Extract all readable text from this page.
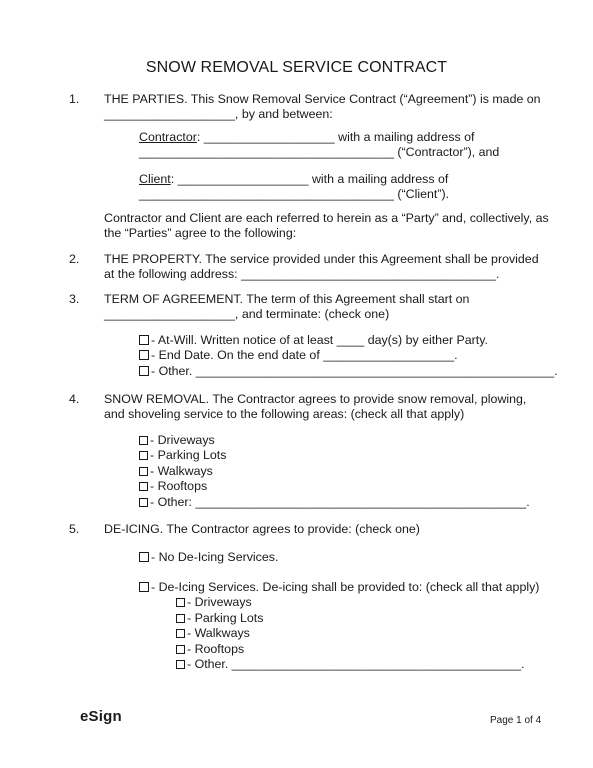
SNOW REMOVAL SERVICE CONTRACT
1. THE PARTIES. This Snow Removal Service Contract (“Agreement”) is made on
___________________, by and between:
Contractor: ___________________ with a mailing address of
_____________________________________ (“Contractor”), and
Client: ___________________ with a mailing address of
_____________________________________ (“Client”).
Contractor and Client are each referred to herein as a “Party” and, collectively, as
the “Parties” agree to the following:
2. THE PROPERTY. The service provided under this Agreement shall be provided
at the following address: _____________________________________.
3. TERM OF AGREEMENT. The term of this Agreement shall start on
___________________, and terminate: (check one)
- At-Will. Written notice of at least ____ day(s) by either Party.
- End Date. On the end date of ___________________.
- Other. ____________________________________________________.
4. SNOW REMOVAL. The Contractor agrees to provide snow removal, plowing,
and shoveling service to the following areas: (check all that apply)
- Driveways
- Parking Lots
- Walkways
- Rooftops
- Other: ________________________________________________.
5. DE-ICING. The Contractor agrees to provide: (check one)
- No De-Icing Services.
- De-Icing Services. De-icing shall be provided to: (check all that apply)
- Driveways
- Parking Lots
- Walkways
- Rooftops
- Other. __________________________________________.
eSign	Page 1 of 4
